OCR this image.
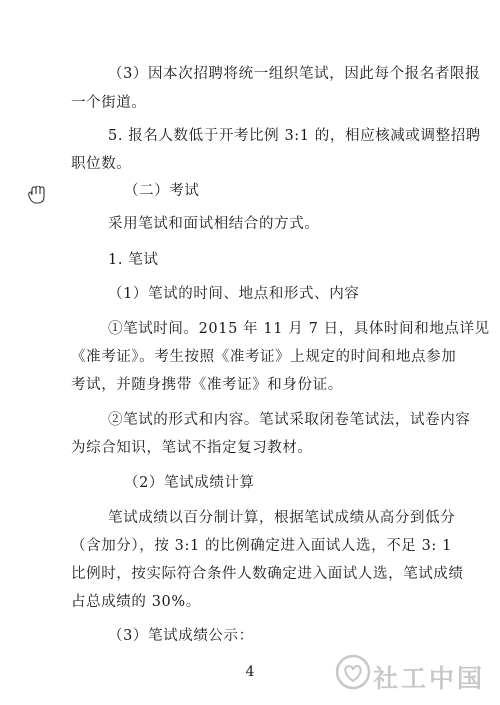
（3）因本次招聘将统一组织笔试，因此每个报名者限报
一个街道。
5. 报名人数低于开考比例 3:1 的，相应核减或调整招聘
职位数。
（二）考试
采用笔试和面试相结合的方式。
1. 笔试
（1）笔试的时间、地点和形式、内容
①笔试时间。2015 年 11 月 7 日，具体时间和地点详见
《准考证》。考生按照《准考证》上规定的时间和地点参加
考试，并随身携带《准考证》和身份证。
②笔试的形式和内容。笔试采取闭卷笔试法，试卷内容
为综合知识，笔试不指定复习教材。
（2）笔试成绩计算
笔试成绩以百分制计算，根据笔试成绩从高分到低分
（含加分），按 3:1 的比例确定进入面试人选，不足 3: 1
比例时，按实际符合条件人数确定进入面试人选，笔试成绩
占总成绩的 30%。
（3）笔试成绩公示：
4	社工中国
